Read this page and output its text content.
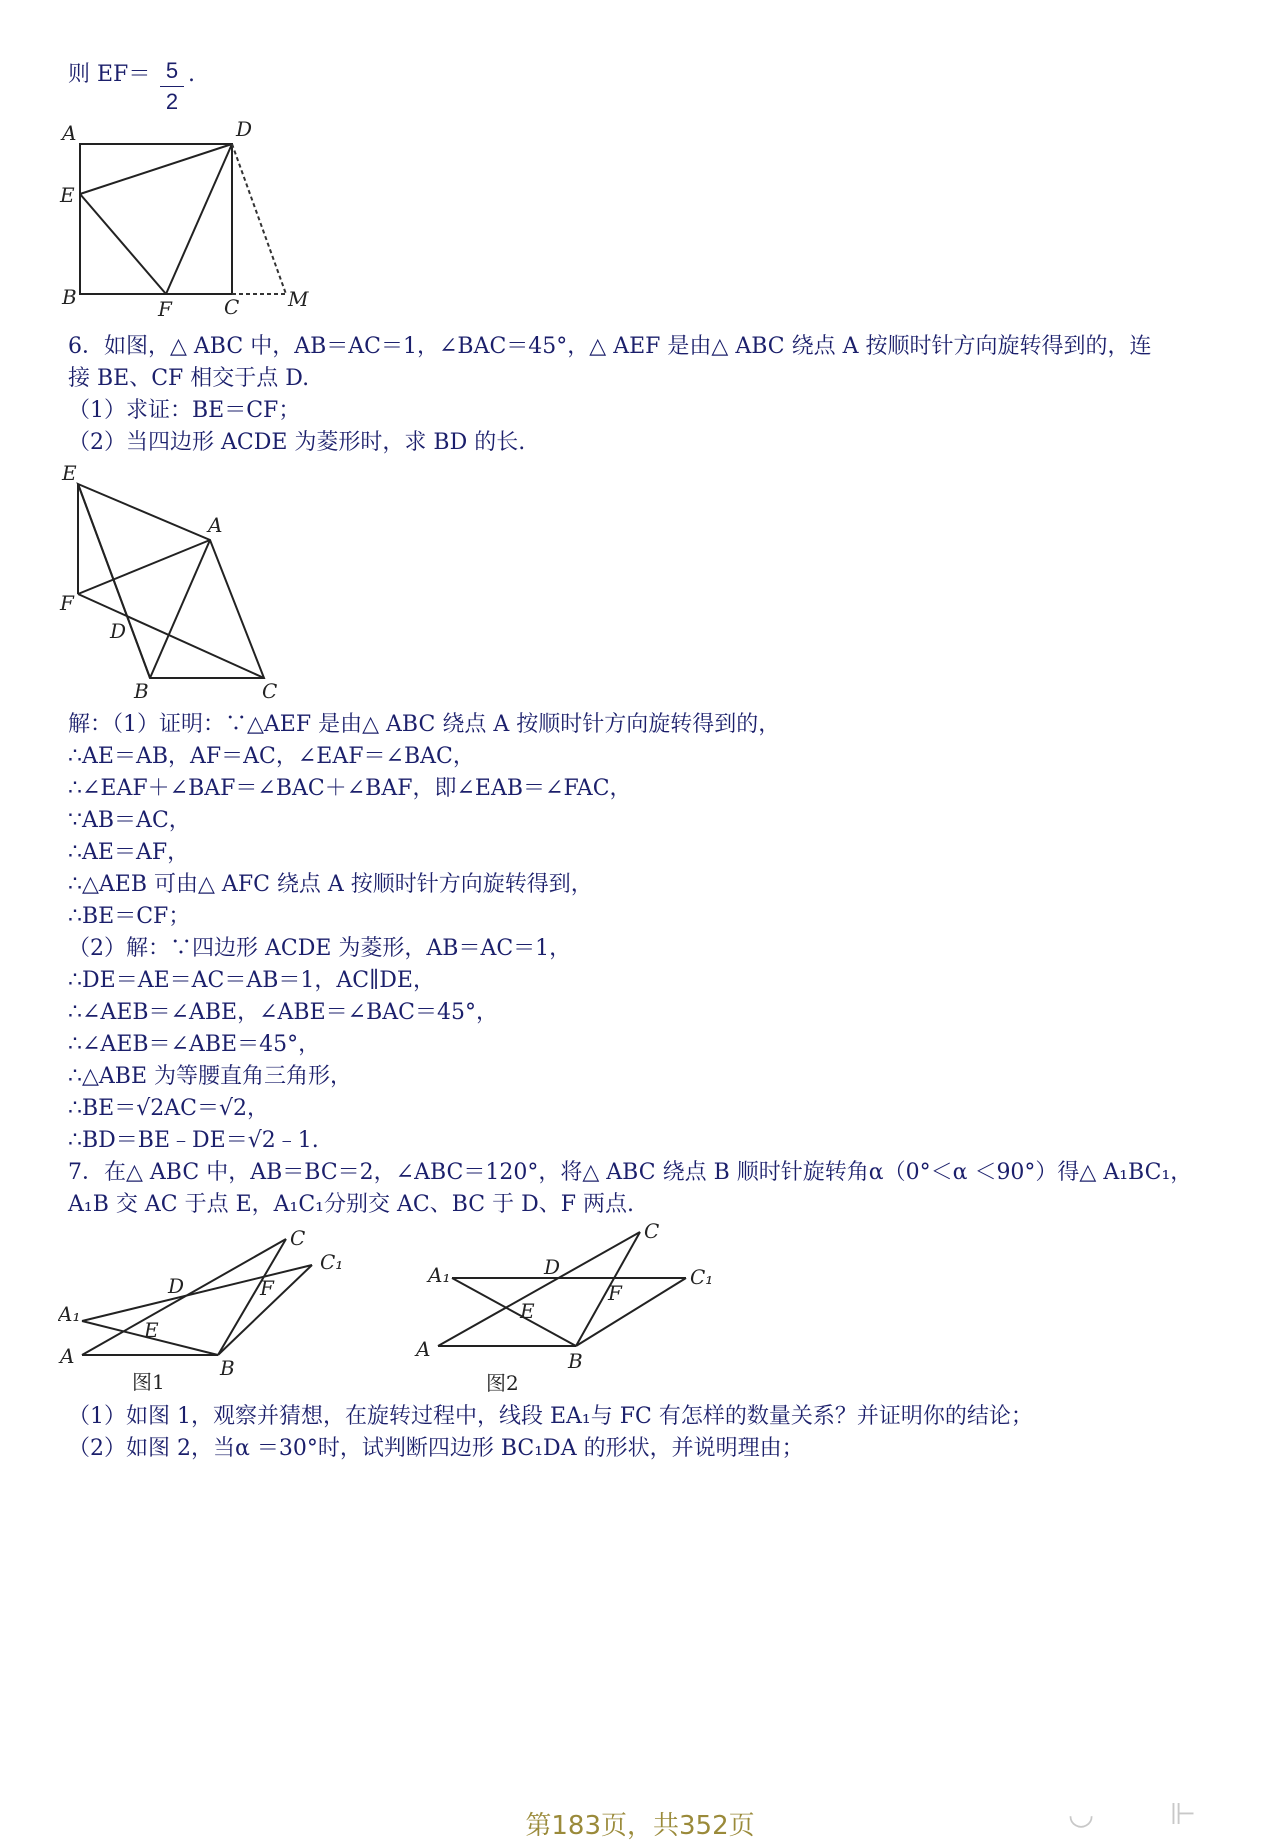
则 EF＝ 5
2
.
A	D
E
B	F	C M
6．如图，△ ABC 中，AB＝AC＝1，∠BAC＝45°，△ AEF 是由△ ABC 绕点 A 按顺时针方向旋转得到的，连
接 BE、CF 相交于点 D.
（1）求证：BE＝CF；
（2）当四边形 ACDE 为菱形时，求 BD 的长.
E
A
F
D
B	C
解：（1）证明：∵△AEF 是由△ ABC 绕点 A 按顺时针方向旋转得到的，
∴AE＝AB，AF＝AC，∠EAF＝∠BAC，
∴∠EAF＋∠BAF＝∠BAC＋∠BAF，即∠EAB＝∠FAC，
∵AB＝AC，
∴AE＝AF，
∴△AEB 可由△ AFC 绕点 A 按顺时针方向旋转得到，
∴BE＝CF；
（2）解：∵四边形 ACDE 为菱形，AB＝AC＝1，
∴DE＝AE＝AC＝AB＝1，AC∥DE，
∴∠AEB＝∠ABE，∠ABE＝∠BAC＝45°，
∴∠AEB＝∠ABE＝45°，
∴△ABE 为等腰直角三角形，
∴BE＝√2AC＝√2，
∴BD＝BE﹣DE＝√2﹣1.
7．在△ ABC 中，AB＝BC＝2，∠ABC＝120°，将△ ABC 绕点 B 顺时针旋转角α（0°＜α ＜90°）得△ A₁BC₁，
A₁B 交 AC 于点 E，A₁C₁分别交 AC、BC 于 D、F 两点.
C
C₁
D	F
A₁
E
A	B
图1
C
A₁	D	C₁
E
F
A	B
图2
（1）如图 1，观察并猜想，在旋转过程中，线段 EA₁与 FC 有怎样的数量关系？并证明你的结论；
（2）如图 2，当α ＝30°时，试判断四边形 BC₁DA 的形状，并说明理由；
第183页，共352页	◡	⊩
